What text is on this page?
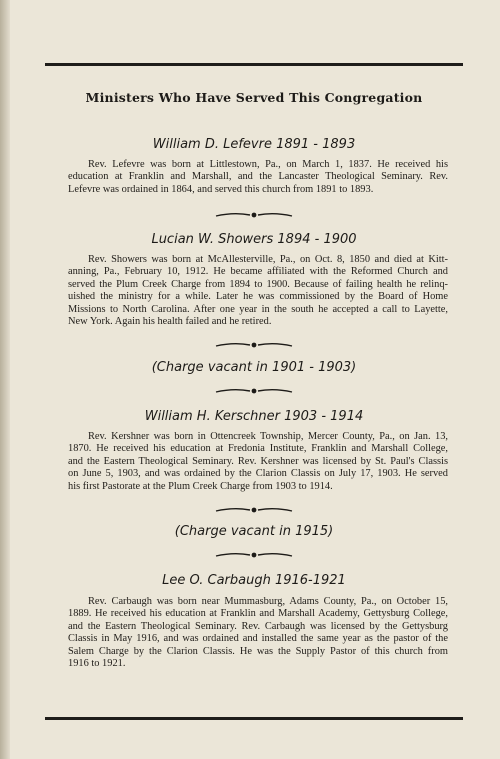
Ministers Who Have Served This Congregation
William D. Lefevre 1891 - 1893
Rev. Lefevre was born at Littlestown, Pa., on March 1, 1837. He received his
education at Franklin and Marshall, and the Lancaster Theological Seminary. Rev.
Lefevre was ordained in 1864, and served this church from 1891 to 1893.
Lucian W. Showers 1894 - 1900
Rev. Showers was born at McAllesterville, Pa., on Oct. 8, 1850 and died at Kitt-
anning, Pa., February 10, 1912. He became affiliated with the Reformed Church and
served the Plum Creek Charge from 1894 to 1900. Because of failing health he relinq-
uished the ministry for a while. Later he was commissioned by the Board of Home
Missions to North Carolina. After one year in the south he accepted a call to Layette,
New York. Again his health failed and he retired.
(Charge vacant in 1901 - 1903)
William H. Kerschner 1903 - 1914
Rev. Kershner was born in Ottencreek Township, Mercer County, Pa., on Jan. 13,
1870. He received his education at Fredonia Institute, Franklin and Marshall College,
and the Eastern Theological Seminary. Rev. Kershner was licensed by St. Paul's Classis
on June 5, 1903, and was ordained by the Clarion Classis on July 17, 1903. He served
his first Pastorate at the Plum Creek Charge from 1903 to 1914.
(Charge vacant in 1915)
Lee O. Carbaugh 1916-1921
Rev. Carbaugh was born near Mummasburg, Adams County, Pa., on October 15,
1889. He received his education at Franklin and Marshall Academy, Gettysburg College,
and the Eastern Theological Seminary. Rev. Carbaugh was licensed by the Gettysburg
Classis in May 1916, and was ordained and installed the same year as the pastor of the
Salem Charge by the Clarion Classis. He was the Supply Pastor of this church from
1916 to 1921.
